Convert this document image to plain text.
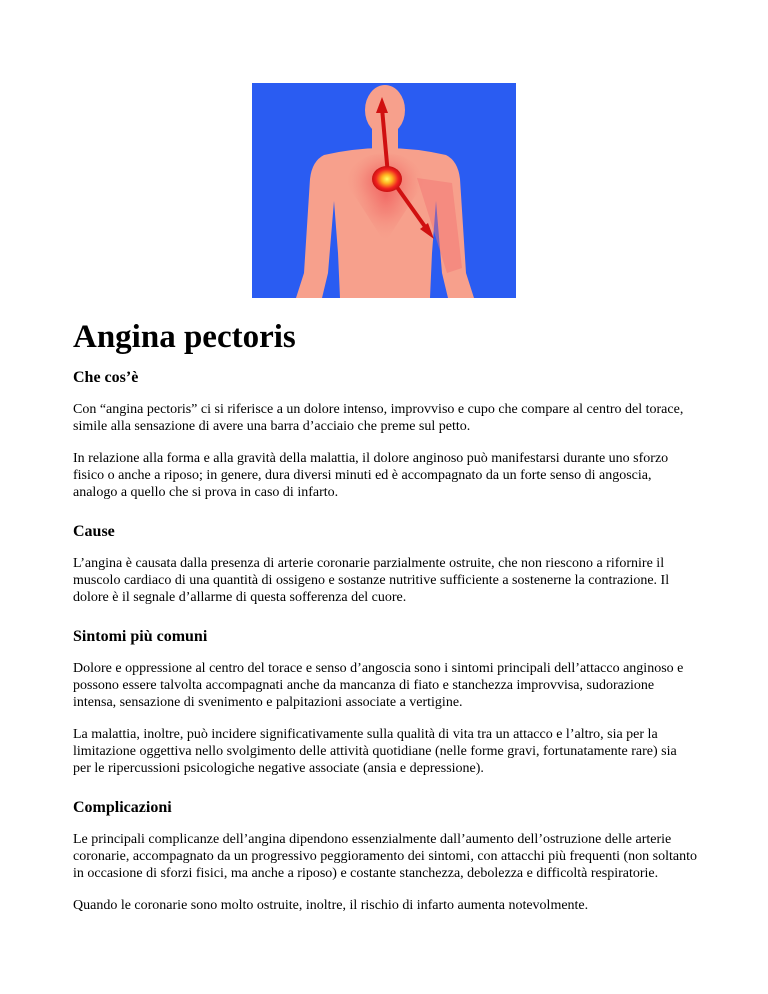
Angina pectoris
Che cos’è

Con “angina pectoris” ci si riferisce a un dolore intenso, improvviso e cupo che compare al centro del torace, simile alla sensazione di avere una barra d’acciaio che preme sul petto.

In relazione alla forma e alla gravità della malattia, il dolore anginoso può manifestarsi durante uno sforzo fisico o anche a riposo; in genere, dura diversi minuti ed è accompagnato da un forte senso di angoscia, analogo a quello che si prova in caso di infarto.

Cause

L’angina è causata dalla presenza di arterie coronarie parzialmente ostruite, che non riescono a rifornire il muscolo cardiaco di una quantità di ossigeno e sostanze nutritive sufficiente a sostenerne la contrazione. Il dolore è il segnale d’allarme di questa sofferenza del cuore.

Sintomi più comuni

Dolore e oppressione al centro del torace e senso d’angoscia sono i sintomi principali dell’attacco anginoso e possono essere talvolta accompagnati anche da mancanza di fiato e stanchezza improvvisa, sudorazione intensa, sensazione di svenimento e palpitazioni associate a vertigine.

La malattia, inoltre, può incidere significativamente sulla qualità di vita tra un attacco e l’altro, sia per la limitazione oggettiva nello svolgimento delle attività quotidiane (nelle forme gravi, fortunatamente rare) sia per le ripercussioni psicologiche negative associate (ansia e depressione).

Complicazioni

Le principali complicanze dell’angina dipendono essenzialmente dall’aumento dell’ostruzione delle arterie coronarie, accompagnato da un progressivo peggioramento dei sintomi, con attacchi più frequenti (non soltanto in occasione di sforzi fisici, ma anche a riposo) e costante stanchezza, debolezza e difficoltà respiratorie.

Quando le coronarie sono molto ostruite, inoltre, il rischio di infarto aumenta notevolmente.
